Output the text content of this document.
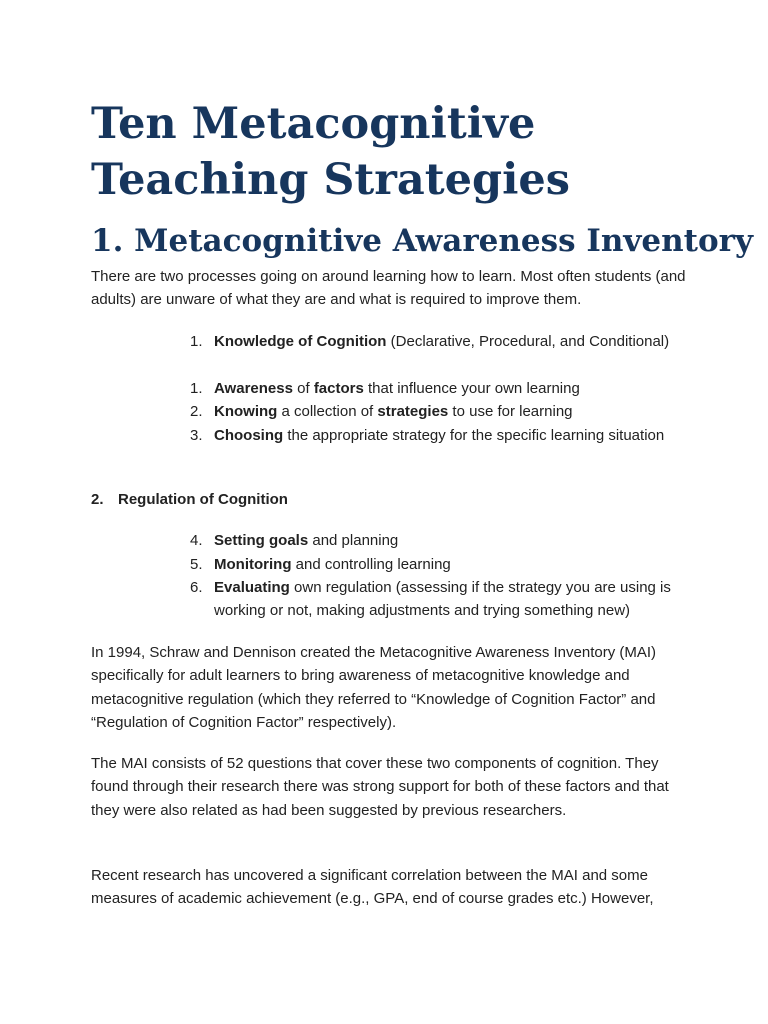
Ten Metacognitive Teaching Strategies
1. Metacognitive Awareness Inventory

There are two processes going on around learning how to learn. Most often students (and adults) are unware of what they are and what is required to improve them.

1. Knowledge of Cognition (Declarative, Procedural, and Conditional)
1. Awareness of factors that influence your own learning
2. Knowing a collection of strategies to use for learning
3. Choosing the appropriate strategy for the specific learning situation
2. Regulation of Cognition
4. Setting goals and planning
5. Monitoring and controlling learning
6. Evaluating own regulation (assessing if the strategy you are using is working or not, making adjustments and trying something new)

In 1994, Schraw and Dennison created the Metacognitive Awareness Inventory (MAI) specifically for adult learners to bring awareness of metacognitive knowledge and metacognitive regulation (which they referred to “Knowledge of Cognition Factor” and “Regulation of Cognition Factor” respectively).

The MAI consists of 52 questions that cover these two components of cognition. They found through their research there was strong support for both of these factors and that they were also related as had been suggested by previous researchers.

Recent research has uncovered a significant correlation between the MAI and some measures of academic achievement (e.g., GPA, end of course grades etc.) However,
